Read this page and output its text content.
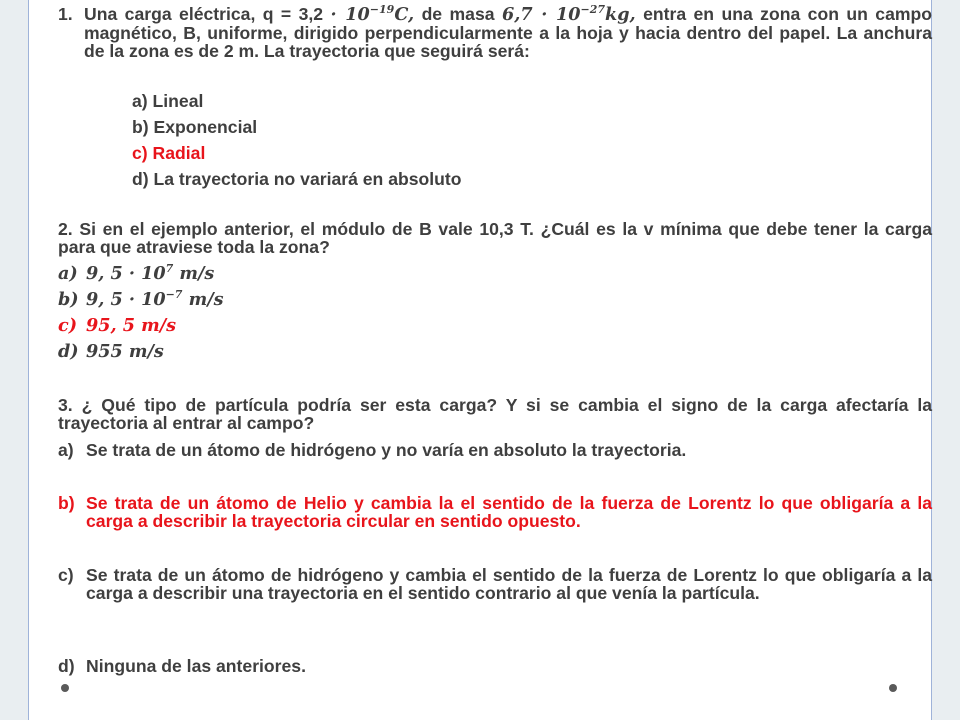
1. Una carga eléctrica, $q = 3,2 \cdot 10^{-19}C$, de masa $6,7 \cdot 10^{-27}kg$, entra en una zona con un campo magnético, B, uniforme, dirigido perpendicularmente a la hoja y hacia dentro del papel. La anchura de la zona es de 2 m. La trayectoria que seguirá será:
a) Lineal
b) Exponencial
c) Radial
d) La trayectoria no variará en absoluto
2. Si en el ejemplo anterior, el módulo de B vale 10,3 T. ¿Cuál es la v mínima que debe tener la carga para que atraviese toda la zona?
a) 9, $5 \cdot 10^7$ m/s
b) 9, $5 \cdot 10^{-7}$ m/s
c) 95, 5 m/s
d) 955 m/s
3. ¿ Qué tipo de partícula podría ser esta carga? Y si se cambia el signo de la carga afectaría la trayectoria al entrar al campo?
a) Se trata de un átomo de hidrógeno y no varía en absoluto la trayectoria.
b) Se trata de un átomo de Helio y cambia la el sentido de la fuerza de Lorentz lo que obligaría a la carga a describir la trayectoria circular en sentido opuesto.
c) Se trata de un átomo de hidrógeno y cambia el sentido de la fuerza de Lorentz lo que obligaría a la carga a describir una trayectoria en el sentido contrario al que venía la partícula.
d) Ninguna de las anteriores.
